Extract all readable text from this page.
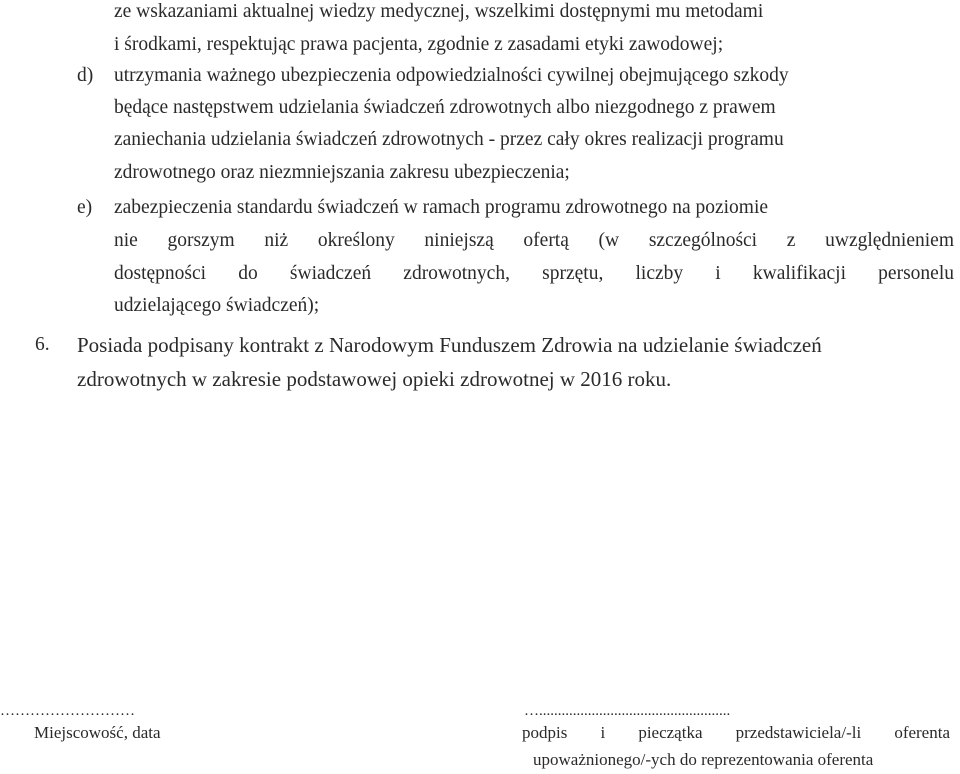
ze wskazaniami aktualnej wiedzy medycznej, wszelkimi dostępnymi mu metodami
i środkami, respektując prawa pacjenta, zgodnie z zasadami etyki zawodowej;
d) utrzymania ważnego ubezpieczenia odpowiedzialności cywilnej obejmującego szkody
będące następstwem udzielania świadczeń zdrowotnych albo niezgodnego z prawem
zaniechania udzielania świadczeń zdrowotnych - przez cały okres realizacji programu
zdrowotnego oraz niezmniejszania zakresu ubezpieczenia;
e) zabezpieczenia standardu świadczeń w ramach programu zdrowotnego na poziomie
nie gorszym niż określony niniejszą ofertą (w szczególności z uwzględnieniem
dostępności do świadczeń zdrowotnych, sprzętu, liczby i kwalifikacji personelu
udzielającego świadczeń);
6. Posiada podpisany kontrakt z Narodowym Funduszem Zdrowia na udzielanie świadczeń
zdrowotnych w zakresie podstawowej opieki zdrowotnej w 2016 roku.
………………………
Miejscowość, data
…...................................................
podpis i pieczątka przedstawiciela/-li oferenta
upoważnionego/-ych do reprezentowania oferenta
